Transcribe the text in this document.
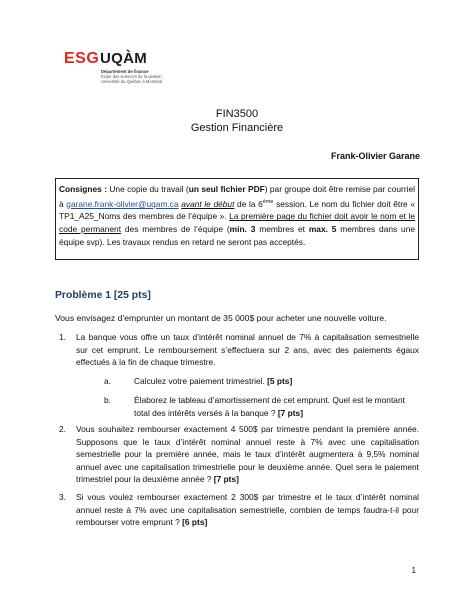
ESG UQÀM
Département de finance
École des sciences de la gestion
Université du Québec à Montréal
FIN3500
Gestion Financière
Frank-Olivier Garane

Consignes : Une copie du travail (un seul fichier PDF) par groupe doit être remise par courriel à garane.frank-olivier@uqam.ca avant le début de la 6ème session. Le nom du fichier doit être « TP1_A25_Noms des membres de l’équipe ». La première page du fichier doit avoir le nom et le code permanent des membres de l’équipe (min. 3 membres et max. 5 membres dans une équipe svp). Les travaux rendus en retard ne seront pas acceptés.

Problème 1 [25 pts]
Vous envisagez d’emprunter un montant de 35 000$ pour acheter une nouvelle voiture.
1. La banque vous offre un taux d’intérêt nominal annuel de 7% à capitalisation semestrielle sur cet emprunt. Le remboursement s’effectuera sur 2 ans, avec des paiements égaux effectués à la fin de chaque trimestre.
a.	Calculez votre paiement trimestriel. [5 pts]
b.	Élaborez le tableau d’amortissement de cet emprunt. Quel est le montant total des intérêts versés à la banque ? [7 pts]
2. Vous souhaitez rembourser exactement 4 500$ par trimestre pendant la première année. Supposons que le taux d’intérêt nominal annuel reste à 7% avec une capitalisation semestrielle pour la première année, mais le taux d’intérêt augmentera à 9,5% nominal annuel avec une capitalisation trimestrielle pour le deuxième année. Quel sera le paiement trimestriel pour la deuxième année ? [7 pts]
3. Si vous voulez rembourser exactement 2 300$ par trimestre et le taux d’intérêt nominal annuel reste à 7% avec une capitalisation semestrielle, combien de temps faudra-t-il pour rembourser votre emprunt ? [6 pts]
1
